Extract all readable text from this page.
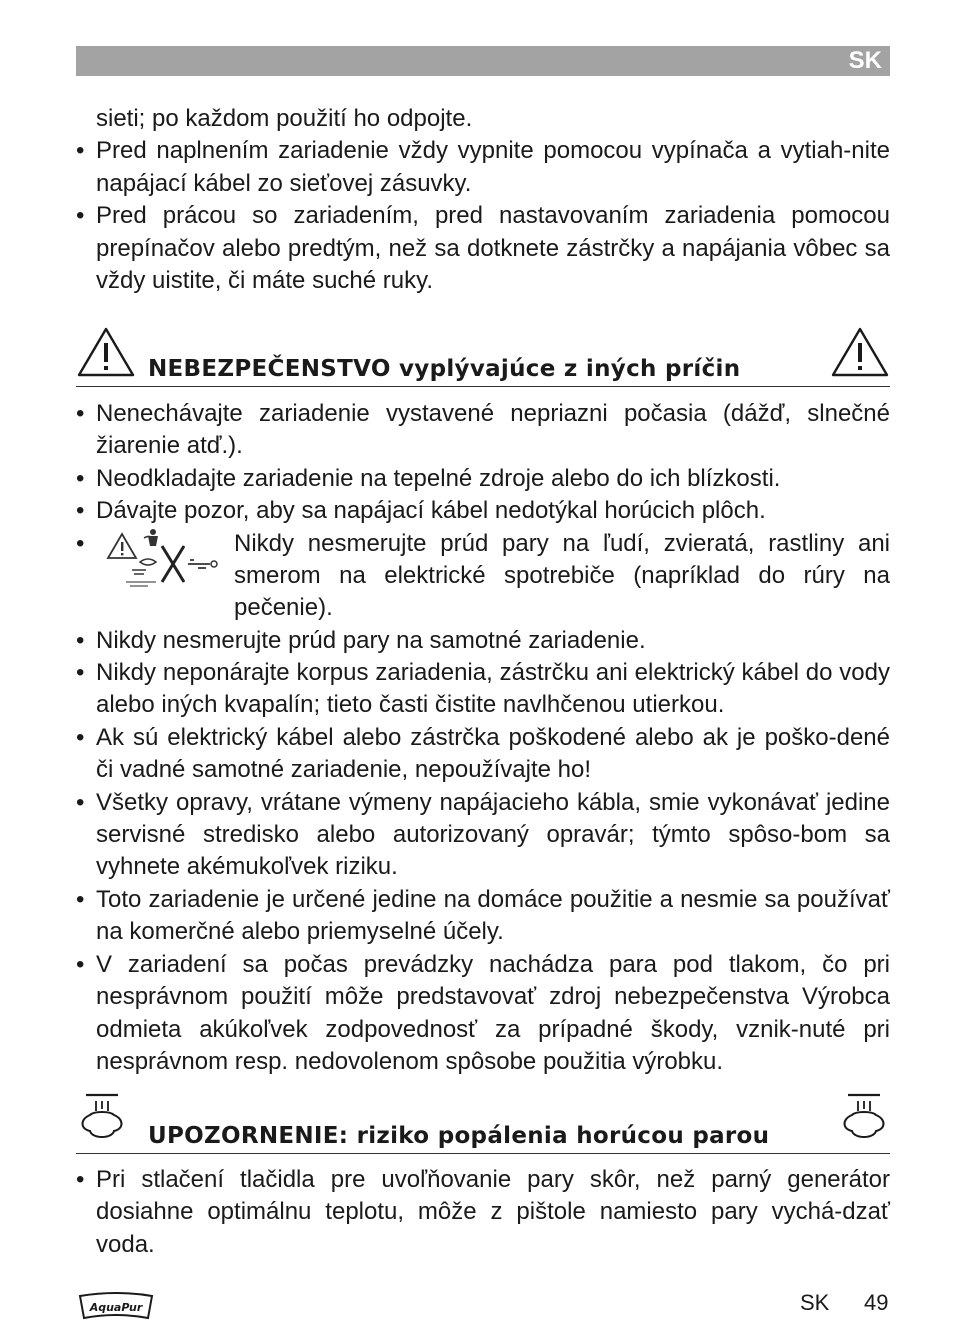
SK
sieti; po každom použití ho odpojte.
• Pred naplnením zariadenie vždy vypnite pomocou vypínača a vytiah-nite napájací kábel zo sieťovej zásuvky.
• Pred prácou so zariadením, pred nastavovaním zariadenia pomocou prepínačov alebo predtým, než sa dotknete zástrčky a napájania vôbec sa vždy uistite, či máte suché ruky.
NEBEZPEČENSTVO vyplývajúce z iných príčin
• Nenechávajte zariadenie vystavené nepriazni počasia (dážď, slnečné žiarenie atď.).
• Neodkladajte zariadenie na tepelné zdroje alebo do ich blízkosti.
• Dávajte pozor, aby sa napájací kábel nedotýkal horúcich plôch.
•	Nikdy nesmerujte prúd pary na ľudí, zvieratá, rastliny ani smerom na elektrické spotrebiče (napríklad do rúry na pečenie).
• Nikdy nesmerujte prúd pary na samotné zariadenie.
• Nikdy neponárajte korpus zariadenia, zástrčku ani elektrický kábel do vody alebo iných kvapalín; tieto časti čistite navlhčenou utierkou.
• Ak sú elektrický kábel alebo zástrčka poškodené alebo ak je poško-dené či vadné samotné zariadenie, nepoužívajte ho!
• Všetky opravy, vrátane výmeny napájacieho kábla, smie vykonávať jedine servisné stredisko alebo autorizovaný opravár; týmto spôso-bom sa vyhnete akémukoľvek riziku.
• Toto zariadenie je určené jedine na domáce použitie a nesmie sa používať na komerčné alebo priemyselné účely.
• V zariadení sa počas prevádzky nachádza para pod tlakom, čo pri nesprávnom použití môže predstavovať zdroj nebezpečenstva Výrobca odmieta akúkoľvek zodpovednosť za prípadné škody, vznik-nuté pri nesprávnom resp. nedovolenom spôsobe použitia výrobku.
UPOZORNENIE: riziko popálenia horúcou parou
• Pri stlačení tlačidla pre uvoľňovanie pary skôr, než parný generátor dosiahne optimálnu teplotu, môže z pištole namiesto pary vychá-dzať voda.
AquaPur	SK 49
